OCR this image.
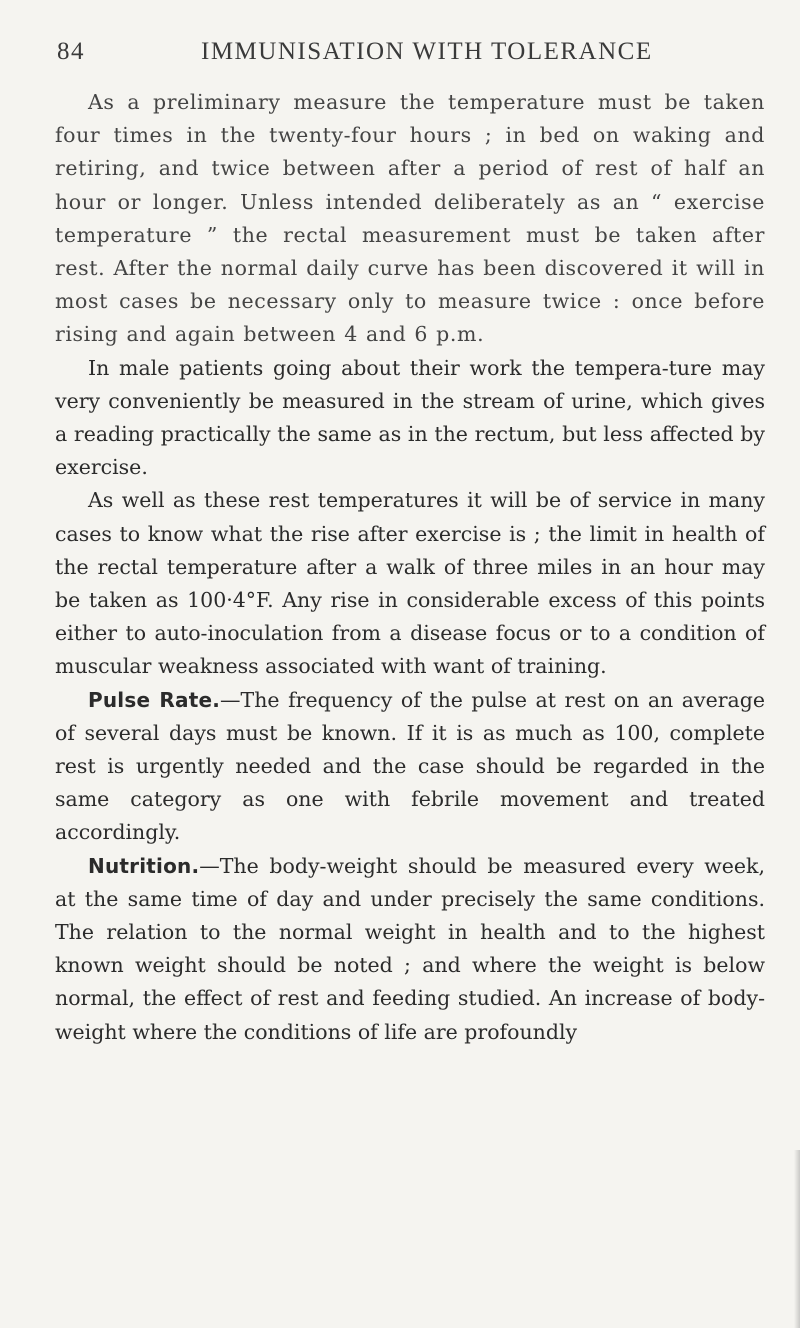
84	IMMUNISATION WITH TOLERANCE

As a preliminary measure the temperature must be taken four times in the twenty-four hours ; in bed on waking and retiring, and twice between after a period of rest of half an hour or longer. Unless intended deliberately as an “ exercise temperature ” the rectal measurement must be taken after rest. After the normal daily curve has been discovered it will in most cases be necessary only to measure twice : once before rising and again between 4 and 6 p.m.

In male patients going about their work the tempera-ture may very conveniently be measured in the stream of urine, which gives a reading practically the same as in the rectum, but less affected by exercise.

As well as these rest temperatures it will be of service in many cases to know what the rise after exercise is ; the limit in health of the rectal temperature after a walk of three miles in an hour may be taken as 100·4°F. Any rise in considerable excess of this points either to auto-inoculation from a disease focus or to a condition of muscular weakness associated with want of training.

Pulse Rate.—The frequency of the pulse at rest on an average of several days must be known. If it is as much as 100, complete rest is urgently needed and the case should be regarded in the same category as one with febrile movement and treated accordingly.

Nutrition.—The body-weight should be measured every week, at the same time of day and under precisely the same conditions. The relation to the normal weight in health and to the highest known weight should be noted ; and where the weight is below normal, the effect of rest and feeding studied. An increase of body-weight where the conditions of life are profoundly
